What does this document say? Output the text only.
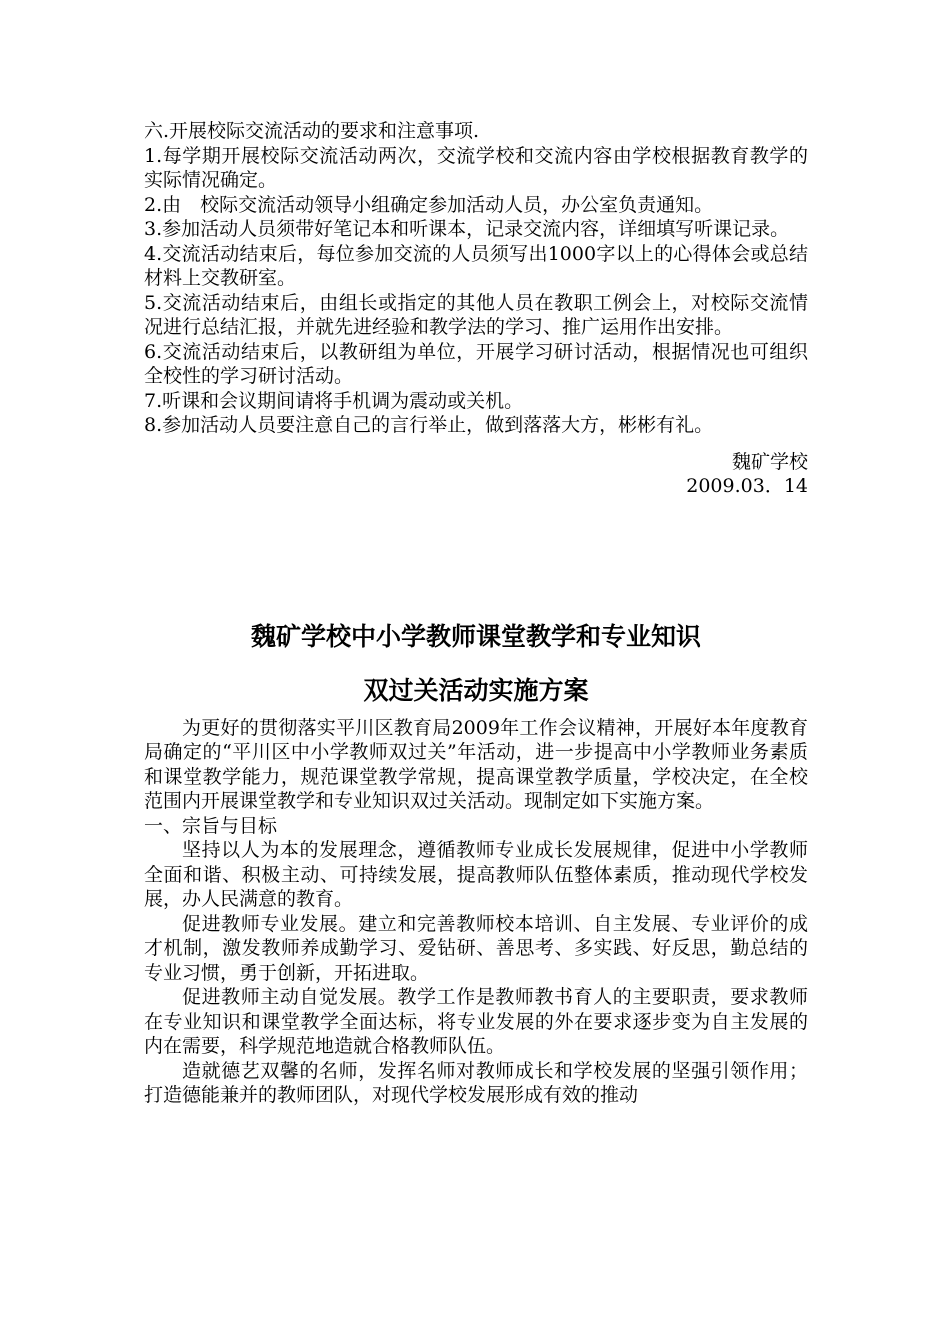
六.开展校际交流活动的要求和注意事项.

1.每学期开展校际交流活动两次，交流学校和交流内容由学校根据教育教学的实际情况确定。

2.由　校际交流活动领导小组确定参加活动人员，办公室负责通知。

3.参加活动人员须带好笔记本和听课本，记录交流内容，详细填写听课记录。

4.交流活动结束后，每位参加交流的人员须写出1000字以上的心得体会或总结材料上交教研室。

5.交流活动结束后，由组长或指定的其他人员在教职工例会上，对校际交流情况进行总结汇报，并就先进经验和教学法的学习、推广运用作出安排。

6.交流活动结束后，以教研组为单位，开展学习研讨活动，根据情况也可组织全校性的学习研讨活动。

7.听课和会议期间请将手机调为震动或关机。

8.参加活动人员要注意自己的言行举止，做到落落大方，彬彬有礼。

魏矿学校

2009.03．14

魏矿学校中小学教师课堂教学和专业知识
双过关活动实施方案

为更好的贯彻落实平川区教育局2009年工作会议精神，开展好本年度教育局确定的“平川区中小学教师双过关”年活动，进一步提高中小学教师业务素质和课堂教学能力，规范课堂教学常规，提高课堂教学质量，学校决定，在全校范围内开展课堂教学和专业知识双过关活动。现制定如下实施方案。

一、宗旨与目标

坚持以人为本的发展理念，遵循教师专业成长发展规律，促进中小学教师全面和谐、积极主动、可持续发展，提高教师队伍整体素质，推动现代学校发展，办人民满意的教育。

促进教师专业发展。建立和完善教师校本培训、自主发展、专业评价的成才机制，激发教师养成勤学习、爱钻研、善思考、多实践、好反思，勤总结的专业习惯，勇于创新，开拓进取。

促进教师主动自觉发展。教学工作是教师教书育人的主要职责，要求教师在专业知识和课堂教学全面达标，将专业发展的外在要求逐步变为自主发展的内在需要，科学规范地造就合格教师队伍。

造就德艺双馨的名师，发挥名师对教师成长和学校发展的坚强引领作用；打造德能兼并的教师团队，对现代学校发展形成有效的推动
